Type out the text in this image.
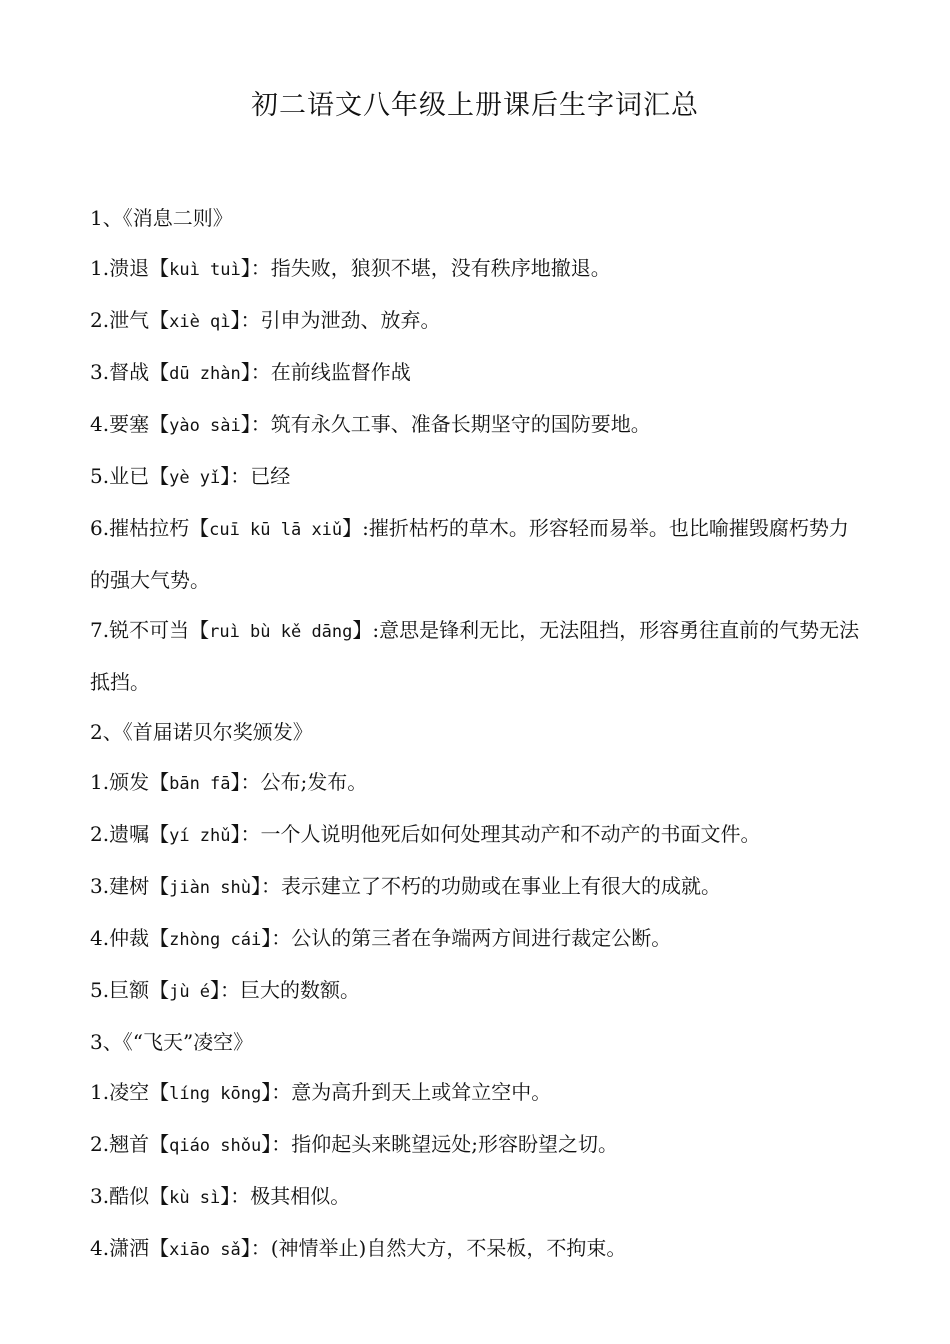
初二语文八年级上册课后生字词汇总
1、《消息二则》
1.溃退【kuì tuì】：指失败，狼狈不堪，没有秩序地撤退。
2.泄气【xiè qì】：引申为泄劲、放弃。
3.督战【dū zhàn】：在前线监督作战
4.要塞【yào sài】：筑有永久工事、准备长期坚守的国防要地。
5.业已【yè yǐ】：已经
6.摧枯拉朽【cuī kū lā xiǔ】:摧折枯朽的草木。形容轻而易举。也比喻摧毁腐朽势力的强大气势。
7.锐不可当【ruì bù kě dāng】:意思是锋利无比，无法阻挡，形容勇往直前的气势无法抵挡。
2、《首届诺贝尔奖颁发》
1.颁发【bān fā】：公布;发布。
2.遗嘱【yí zhǔ】：一个人说明他死后如何处理其动产和不动产的书面文件。
3.建树【jiàn shù】：表示建立了不朽的功勋或在事业上有很大的成就。
4.仲裁【zhòng cái】：公认的第三者在争端两方间进行裁定公断。
5.巨额【jù é】：巨大的数额。
3、《“飞天”凌空》
1.凌空【líng kōng】：意为高升到天上或耸立空中。
2.翘首【qiáo shǒu】：指仰起头来眺望远处;形容盼望之切。
3.酷似【kù sì】：极其相似。
4.潇洒【xiāo sǎ】：(神情举止)自然大方，不呆板，不拘束。
